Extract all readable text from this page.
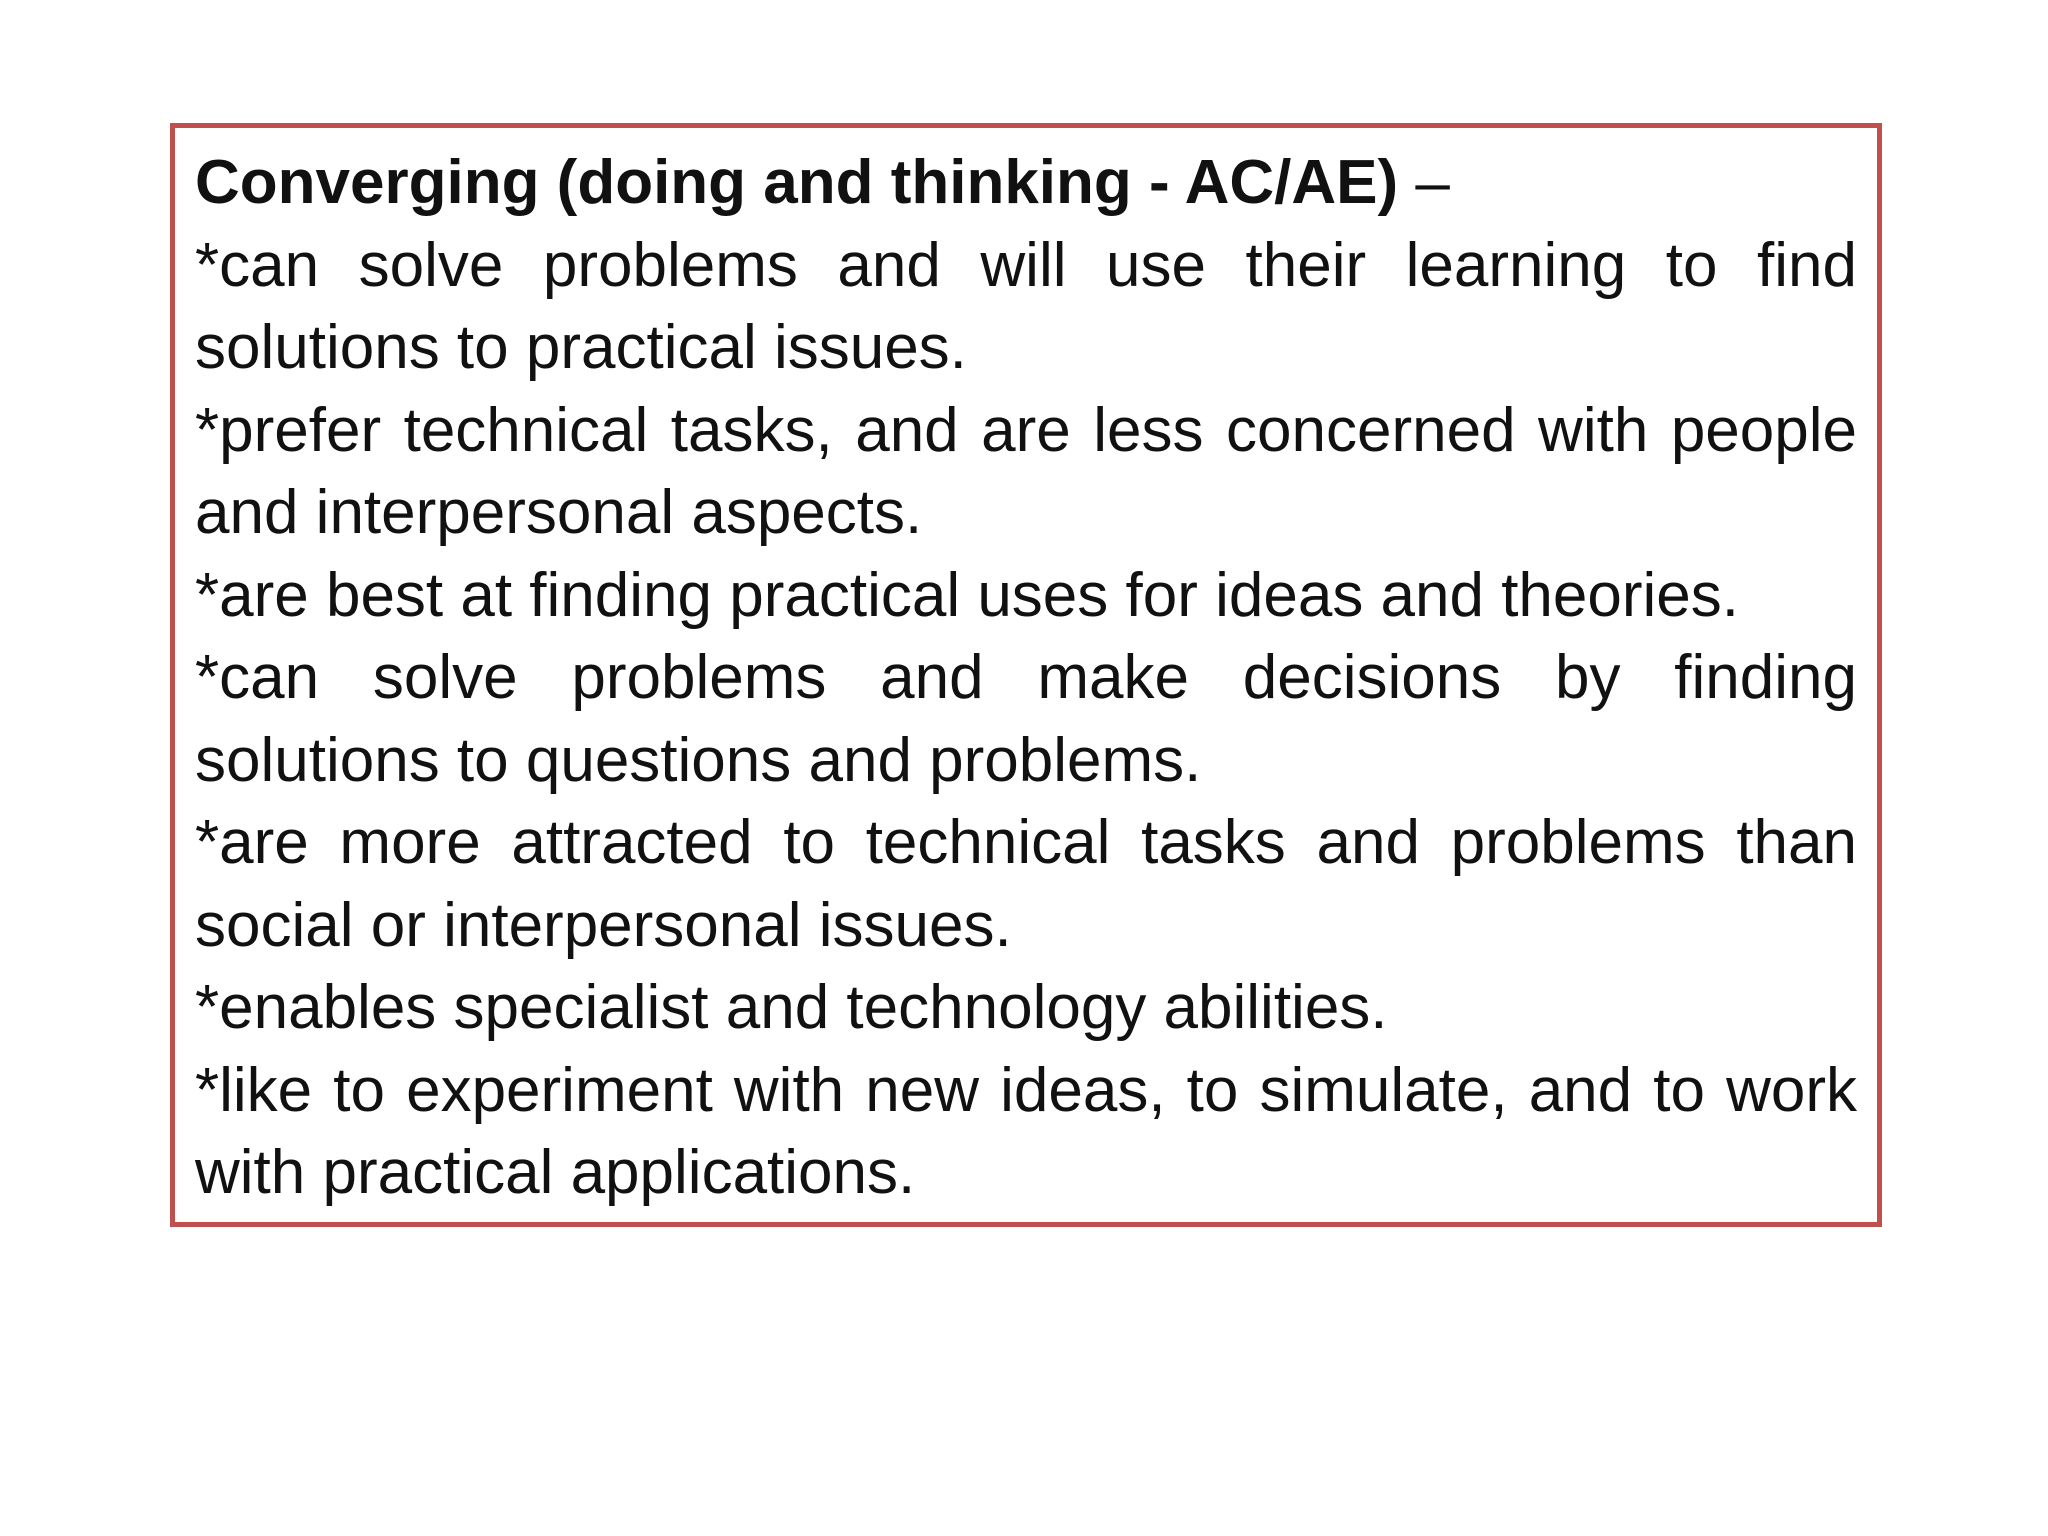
Converging (doing and thinking - AC/AE) –

*can solve problems and will use their learning to find solutions to practical issues.

*prefer technical tasks, and are less concerned with people and interpersonal aspects.

*are best at finding practical uses for ideas and theories.

*can solve problems and make decisions by finding solutions to questions and problems.

*are more attracted to technical tasks and problems than social or interpersonal issues.

*enables specialist and technology abilities.

*like to experiment with new ideas, to simulate, and to work with practical applications.
